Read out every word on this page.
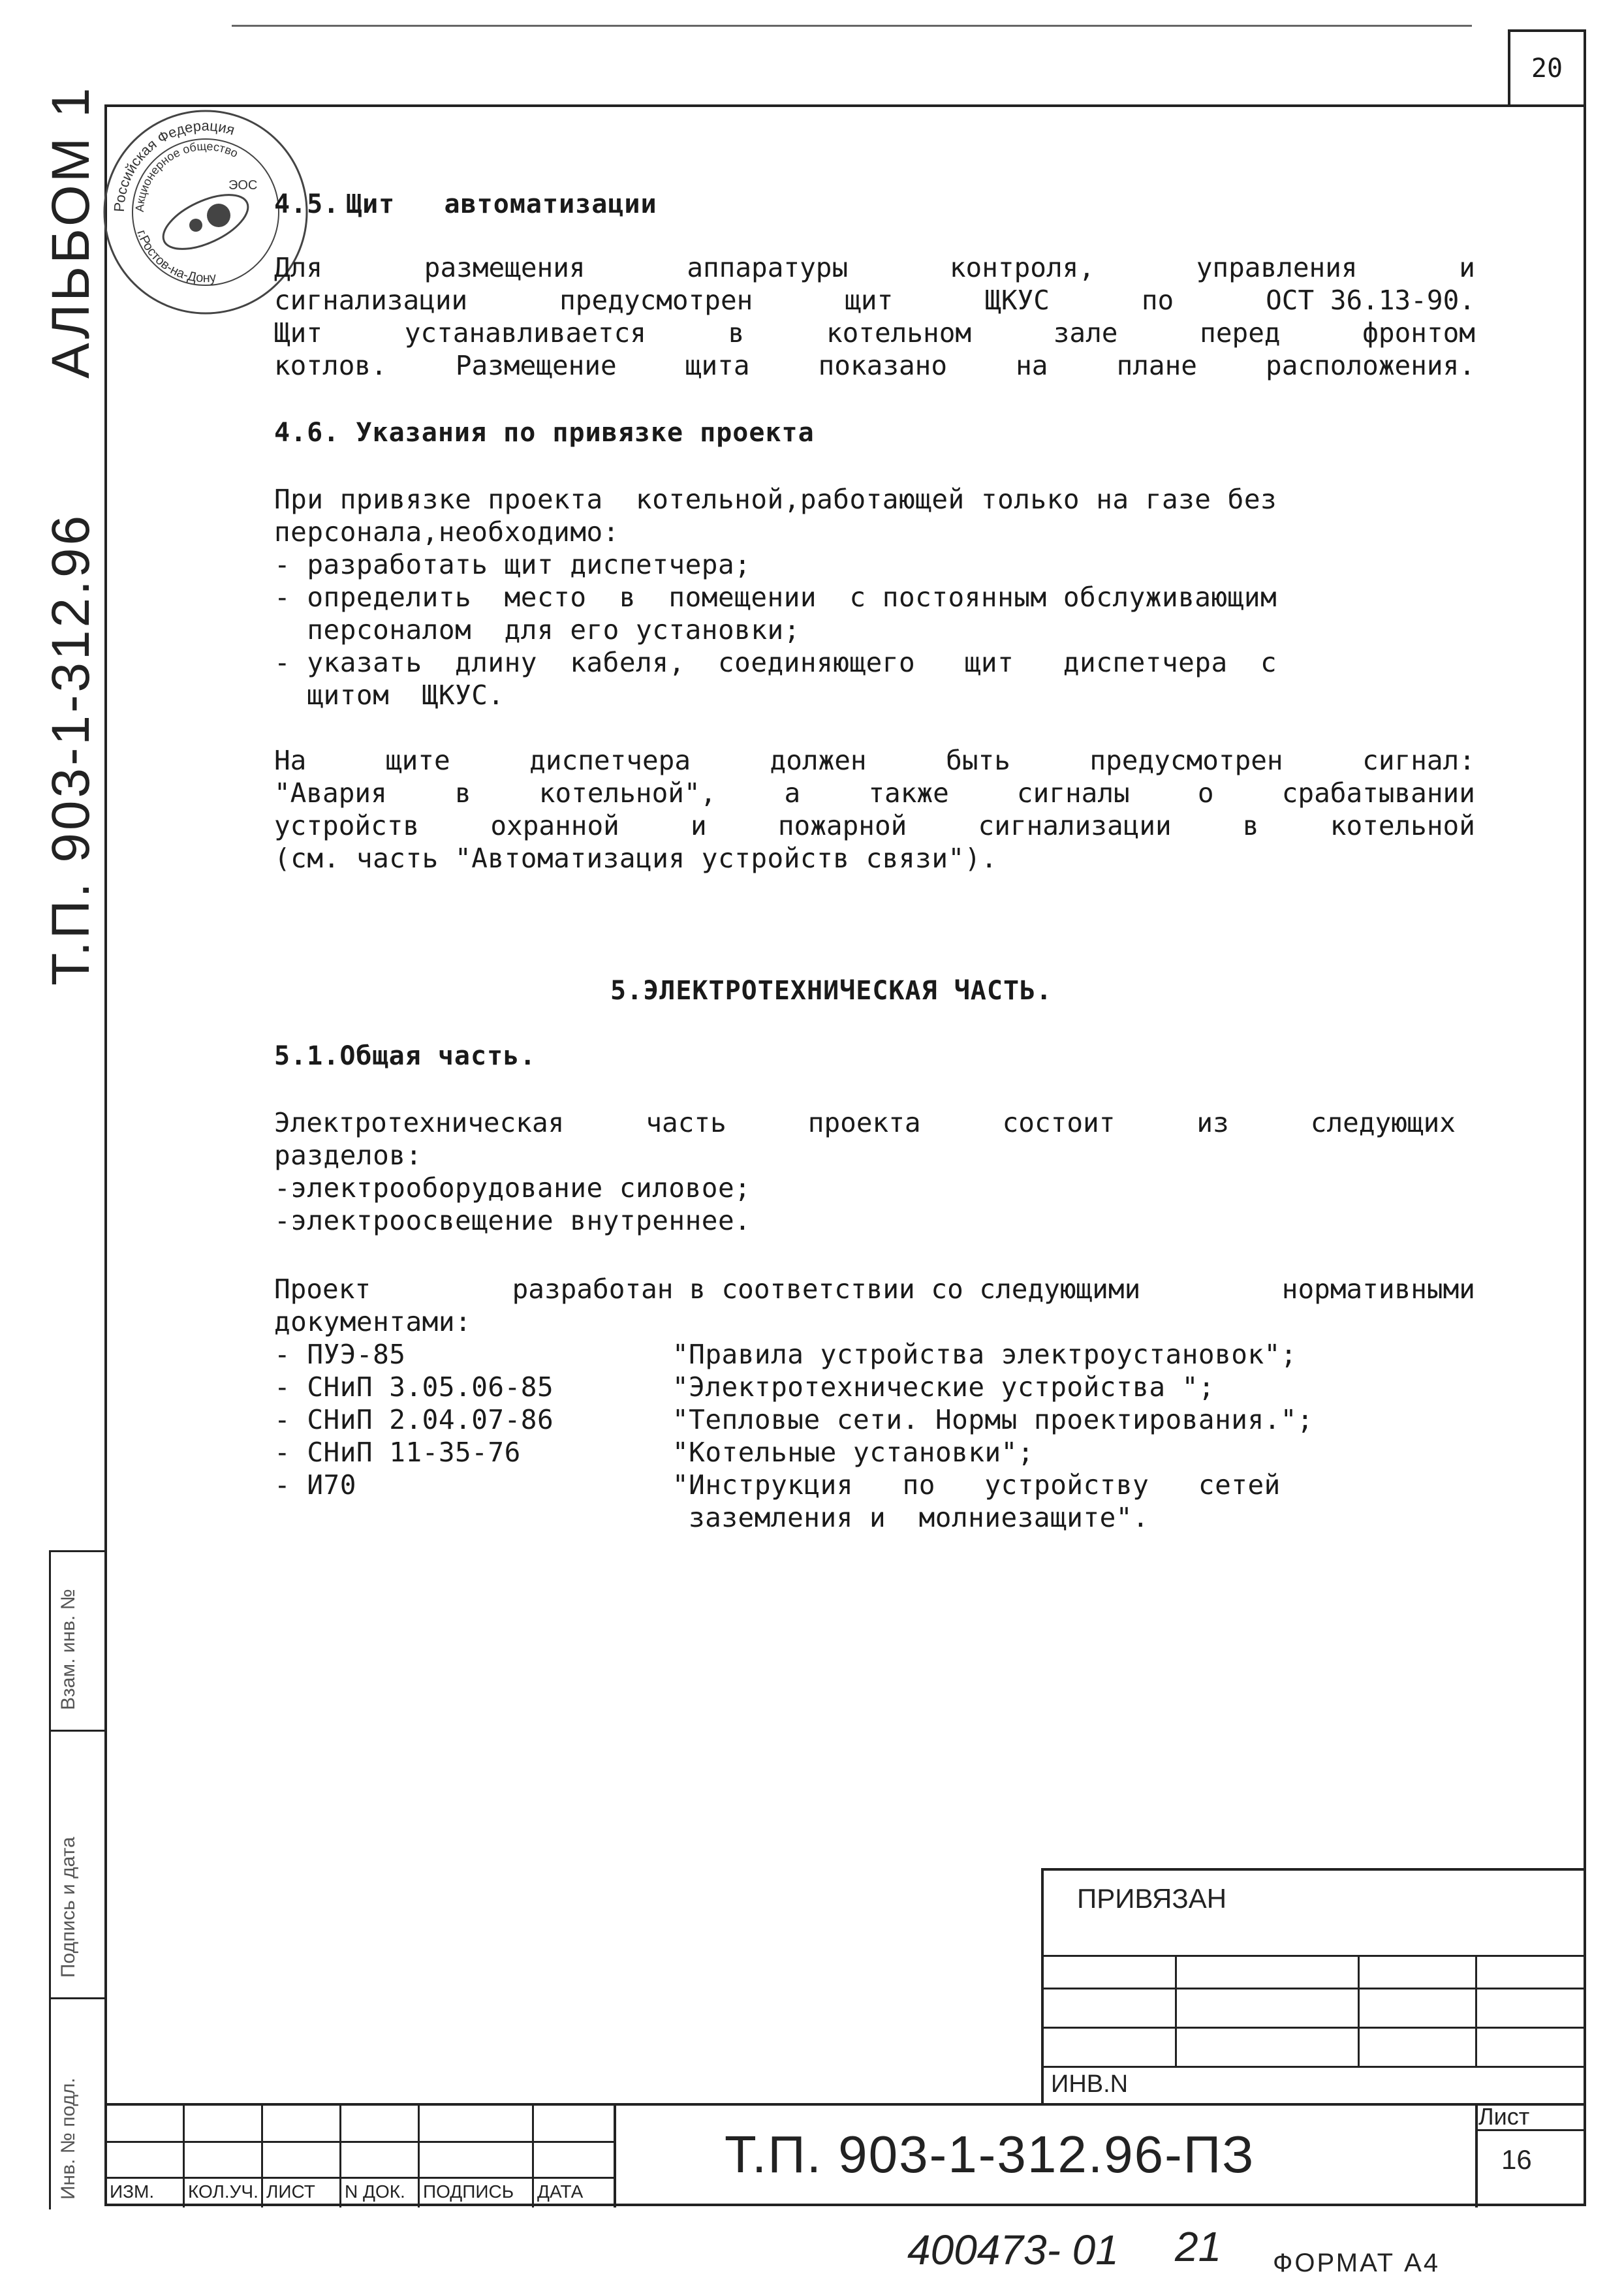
20
АЛЬБОМ 1
Т.П. 903-1-312.96
Взам. инв. №
Подпись и дата
Инв. № подл.
Российская Федерация
Акционерное общество
г.Ростов-на-Дону
ЭОС
4.5. Щит   автоматизации
Для	размещения	аппаратуры	контроля,	управления	и
сигнализации	предусмотрен	щит	ЩКУС	по	ОСТ 36.13-90.
Щит	устанавливается	в	котельном	зале	перед	фронтом
котлов.	Размещение	щита	показано	на	плане	расположения.
4.6. Указания по привязке проекта
При привязке проекта  котельной,работающей только на газе без
персонала,необходимо:
- разработать щит диспетчера;
- определить  место  в  помещении  с постоянным обслуживающим
персоналом  для его установки;
- указать  длину  кабеля,  соединяющего   щит   диспетчера  с
щитом  ЩКУС.
На	щите	диспетчера	должен	быть	предусмотрен	сигнал:
"Авария	в	котельной",	а	также	сигналы	о	срабатывании
устройств	охранной	и	пожарной	сигнализации	в	котельной
(см. часть "Автоматизация устройств связи").
5.ЭЛЕКТРОТЕХНИЧЕСКАЯ ЧАСТЬ.
5.1.Общая часть.
Электротехническая	часть	проекта	состоит	из	следующих
разделов:
-электрооборудование силовое;
-электроосвещение внутреннее.
Проект	разработан в соответствии со следующими	нормативными
документами:
- ПУЭ-85	"Правила устройства электроустановок";
- СНиП 3.05.06-85	"Электротехнические устройства ";
- СНиП 2.04.07-86	"Тепловые сети. Нормы проектирования.";
- СНиП 11-35-76	"Котельные установки";
- И70	"Инструкция   по   устройству   сетей
заземления и  молниезащите".
ПРИВЯЗАН
ИНВ.N
ИЗМ. КОЛ.УЧ. ЛИСТ N ДОК. ПОДПИСЬ ДАТА
Т.П. 903-1-312.96-ПЗ
Лист
16
400473- 01 21 ФОРМАТ А4
